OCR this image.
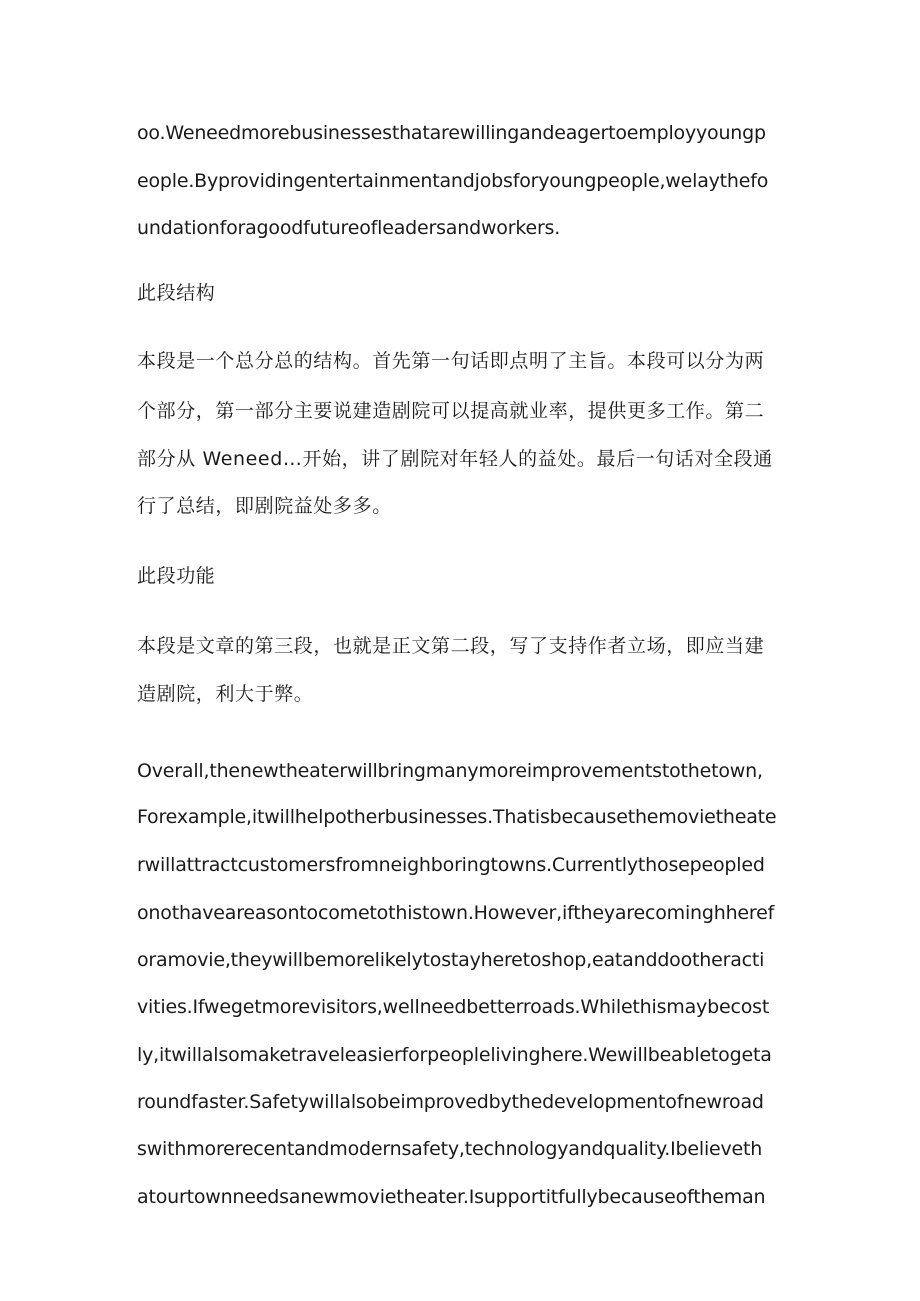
oo.Weneedmorebusinessesthatarewillingandeagertoemployyoungp
eople.Byprovidingentertainmentandjobsforyoungpeople,welaythefo
undationforagoodfutureofleadersandworkers.
此段结构
本段是一个总分总的结构。首先第一句话即点明了主旨。本段可以分为两
个部分，第一部分主要说建造剧院可以提高就业率，提供更多工作。第二
部分从 Weneed…开始，讲了剧院对年轻人的益处。最后一句话对全段通
行了总结，即剧院益处多多。
此段功能
本段是文章的第三段，也就是正文第二段，写了支持作者立场，即应当建
造剧院，利大于弊。
Overall,thenewtheaterwillbringmanymoreimprovementstothetown,
Forexample,itwillhelpotherbusinesses.Thatisbecausethemovietheate
rwillattractcustomersfromneighboringtowns.Currentlythosepeopled
onothaveareasontocometothistown.However,iftheyarecominghheref
oramovie,theywillbemorelikelytostayheretoshop,eatanddootheracti
vities.Ifwegetmorevisitors,wellneedbetterroads.Whilethismaybecost
ly,itwillalsomaketraveleasierforpeoplelivinghere.Wewillbeabletogeta
roundfaster.Safetywillalsobeimprovedbythedevelopmentofnewroad
swithmorerecentandmodernsafety,technologyandquality.Ibelieveth
atourtownneedsanewmovietheater.Isupportitfullybecauseoftheman
